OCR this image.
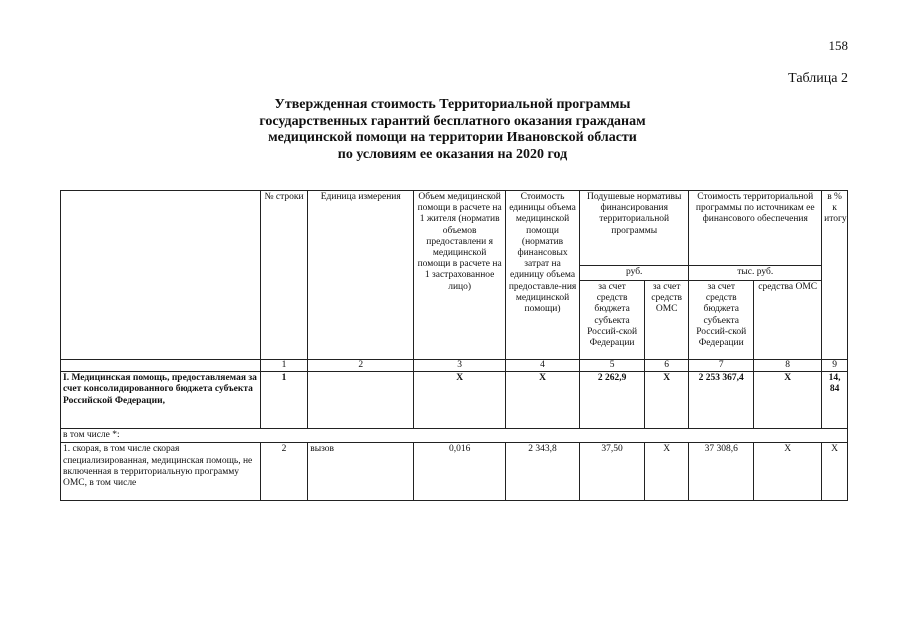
158
Таблица 2
Утвержденная стоимость Территориальной программы
государственных гарантий бесплатного оказания гражданам
медицинской помощи на территории Ивановской области
по условиям ее оказания на 2020 год
	№ строки	Единица измерения	Объем медицинской помощи в расчете на 1 жителя (норматив объемов предоставлени я медицинской помощи в расчете на 1 застрахованное лицо)	Стоимость единицы объема медицинской помощи (норматив финансовых затрат на единицу объема предоставле-ния медицинской помощи)	Подушевые нормативы финансирования территориальной программы		Стоимость территориальной программы по источникам ее финансового обеспечения		в % к итогу
					руб.		тыс. руб.		
					за счет средств бюджета субъекта Россий-ской Федерации	за счет средств ОМС	за счет средств бюджета субъекта Россий-ской Федерации	средства ОМС	
	1	2	3	4	5	6	7	8	9
I. Медицинская помощь, предоставляемая за счет консолидированного бюджета субъекта Российской Федерации,	1		Х	Х	2 262,9	Х	2 253 367,4	Х	14, 84
в том числе *:									
1. скорая, в том числе скорая специализированная, медицинская помощь, не включенная в территориальную программу ОМС, в том числе	2	вызов	0,016	2 343,8	37,50	Х	37 308,6	Х	Х
